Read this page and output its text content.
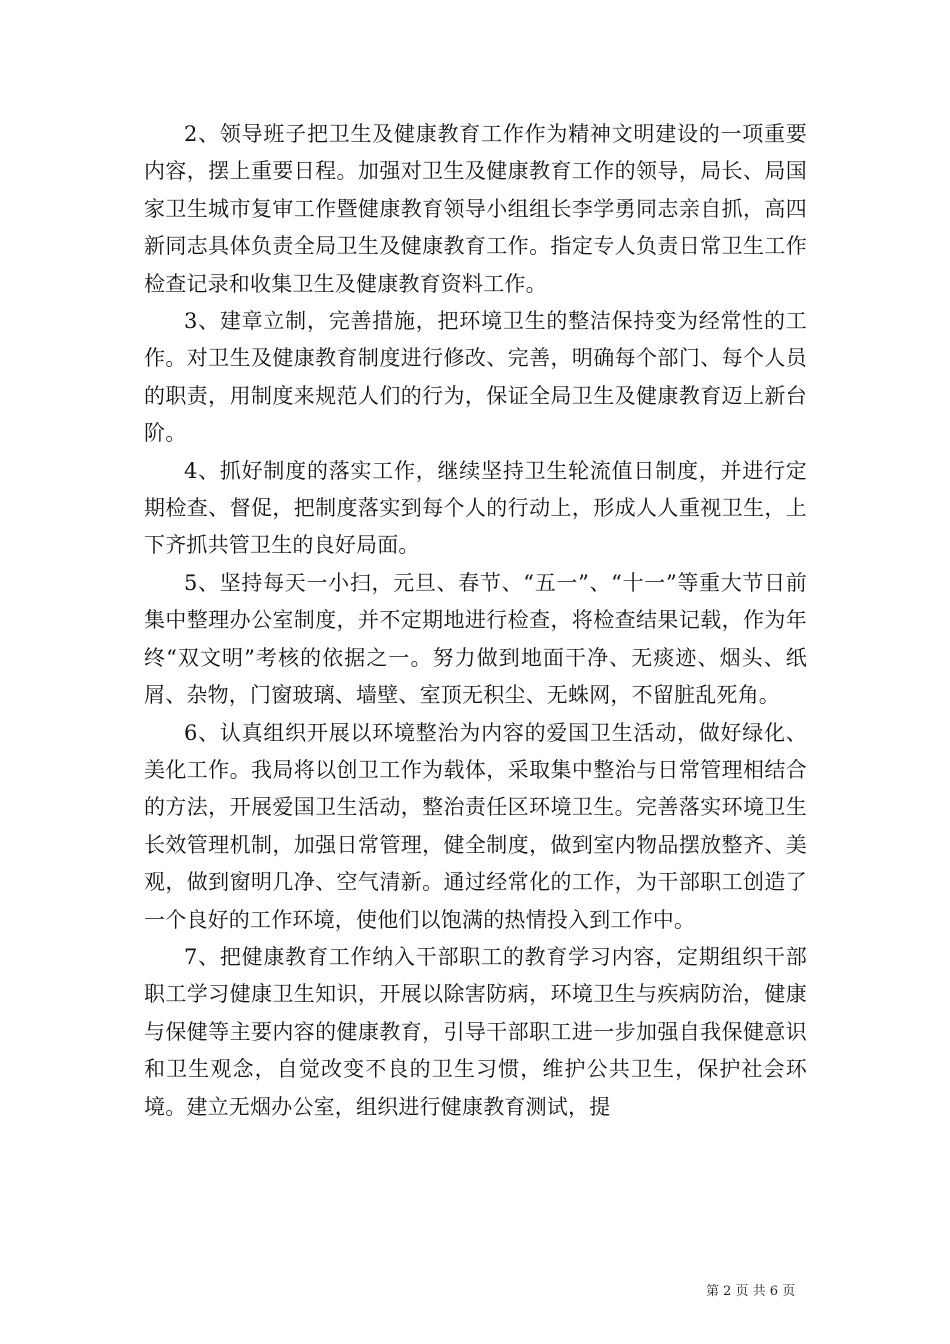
2、领导班子把卫生及健康教育工作作为精神文明建设的一项重要内容，摆上重要日程。加强对卫生及健康教育工作的领导，局长、局国家卫生城市复审工作暨健康教育领导小组组长李学勇同志亲自抓，高四新同志具体负责全局卫生及健康教育工作。指定专人负责日常卫生工作检查记录和收集卫生及健康教育资料工作。

3、建章立制，完善措施，把环境卫生的整洁保持变为经常性的工作。对卫生及健康教育制度进行修改、完善，明确每个部门、每个人员的职责，用制度来规范人们的行为，保证全局卫生及健康教育迈上新台阶。

4、抓好制度的落实工作，继续坚持卫生轮流值日制度，并进行定期检查、督促，把制度落实到每个人的行动上，形成人人重视卫生，上下齐抓共管卫生的良好局面。

5、坚持每天一小扫，元旦、春节、“五一”、“十一”等重大节日前集中整理办公室制度，并不定期地进行检查，将检查结果记载，作为年终“双文明”考核的依据之一。努力做到地面干净、无痰迹、烟头、纸屑、杂物，门窗玻璃、墙壁、室顶无积尘、无蛛网，不留脏乱死角。

6、认真组织开展以环境整治为内容的爱国卫生活动，做好绿化、美化工作。我局将以创卫工作为载体，采取集中整治与日常管理相结合的方法，开展爱国卫生活动，整治责任区环境卫生。完善落实环境卫生长效管理机制，加强日常管理，健全制度，做到室内物品摆放整齐、美观，做到窗明几净、空气清新。通过经常化的工作，为干部职工创造了一个良好的工作环境，使他们以饱满的热情投入到工作中。

7、把健康教育工作纳入干部职工的教育学习内容，定期组织干部职工学习健康卫生知识，开展以除害防病，环境卫生与疾病防治，健康与保健等主要内容的健康教育，引导干部职工进一步加强自我保健意识和卫生观念，自觉改变不良的卫生习惯，维护公共卫生，保护社会环境。建立无烟办公室，组织进行健康教育测试，提

第 2 页 共 6 页
